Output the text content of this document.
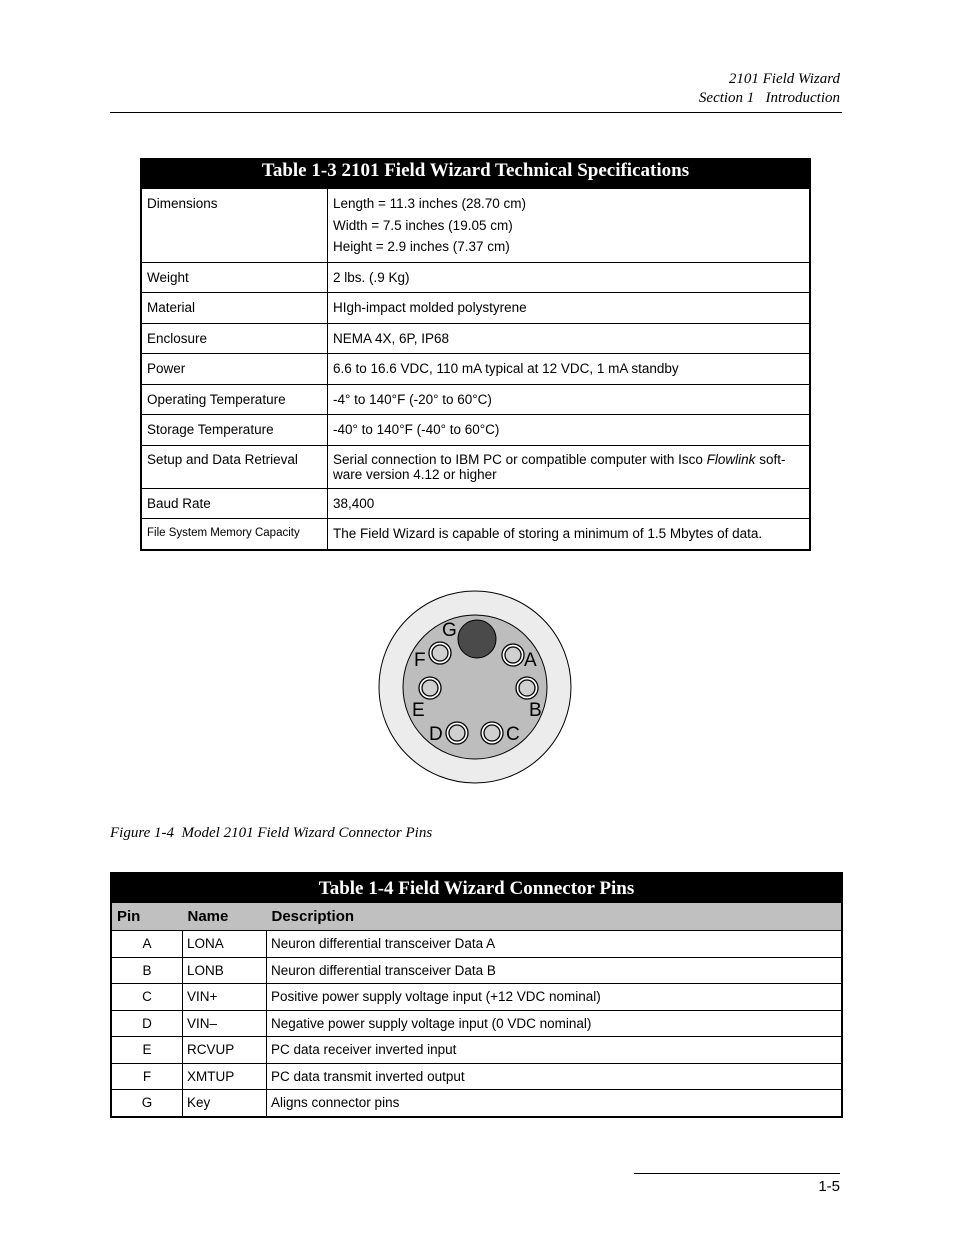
2101 Field Wizard
Section 1   Introduction
Table 1-3 2101 Field Wizard Technical Specifications	
Dimensions	Length = 11.3 inches (28.70 cm)
Width = 7.5 inches (19.05 cm)
Height = 2.9 inches (7.37 cm)

Weight	2 lbs. (.9 Kg)
Material	HIgh-impact molded polystyrene
Enclosure	NEMA 4X, 6P, IP68
Power	6.6 to 16.6 VDC, 110 mA typical at 12 VDC, 1 mA standby
Operating Temperature	-4° to 140°F (-20° to 60°C)
Storage Temperature	-40° to 140°F (-40° to 60°C)
Setup and Data Retrieval	Serial connection to IBM PC or compatible computer with Isco Flowlink soft-ware version 4.12 or higher
Baud Rate	38,400
File System Memory Capacity	The Field Wizard is capable of storing a minimum of 1.5 Mbytes of data.
G
F	A
E	B
D	C
Figure 1-4  Model 2101 Field Wizard Connector Pins
Table 1-4 Field Wizard Connector Pins		
Pin	Name	Description
A	LONA	Neuron differential transceiver Data A
B	LONB	Neuron differential transceiver Data B
C	VIN+	Positive power supply voltage input (+12 VDC nominal)
D	VIN–	Negative power supply voltage input (0 VDC nominal)
E	RCVUP	PC data receiver inverted input
F	XMTUP	PC data transmit inverted output
G	Key	Aligns connector pins
1-5
